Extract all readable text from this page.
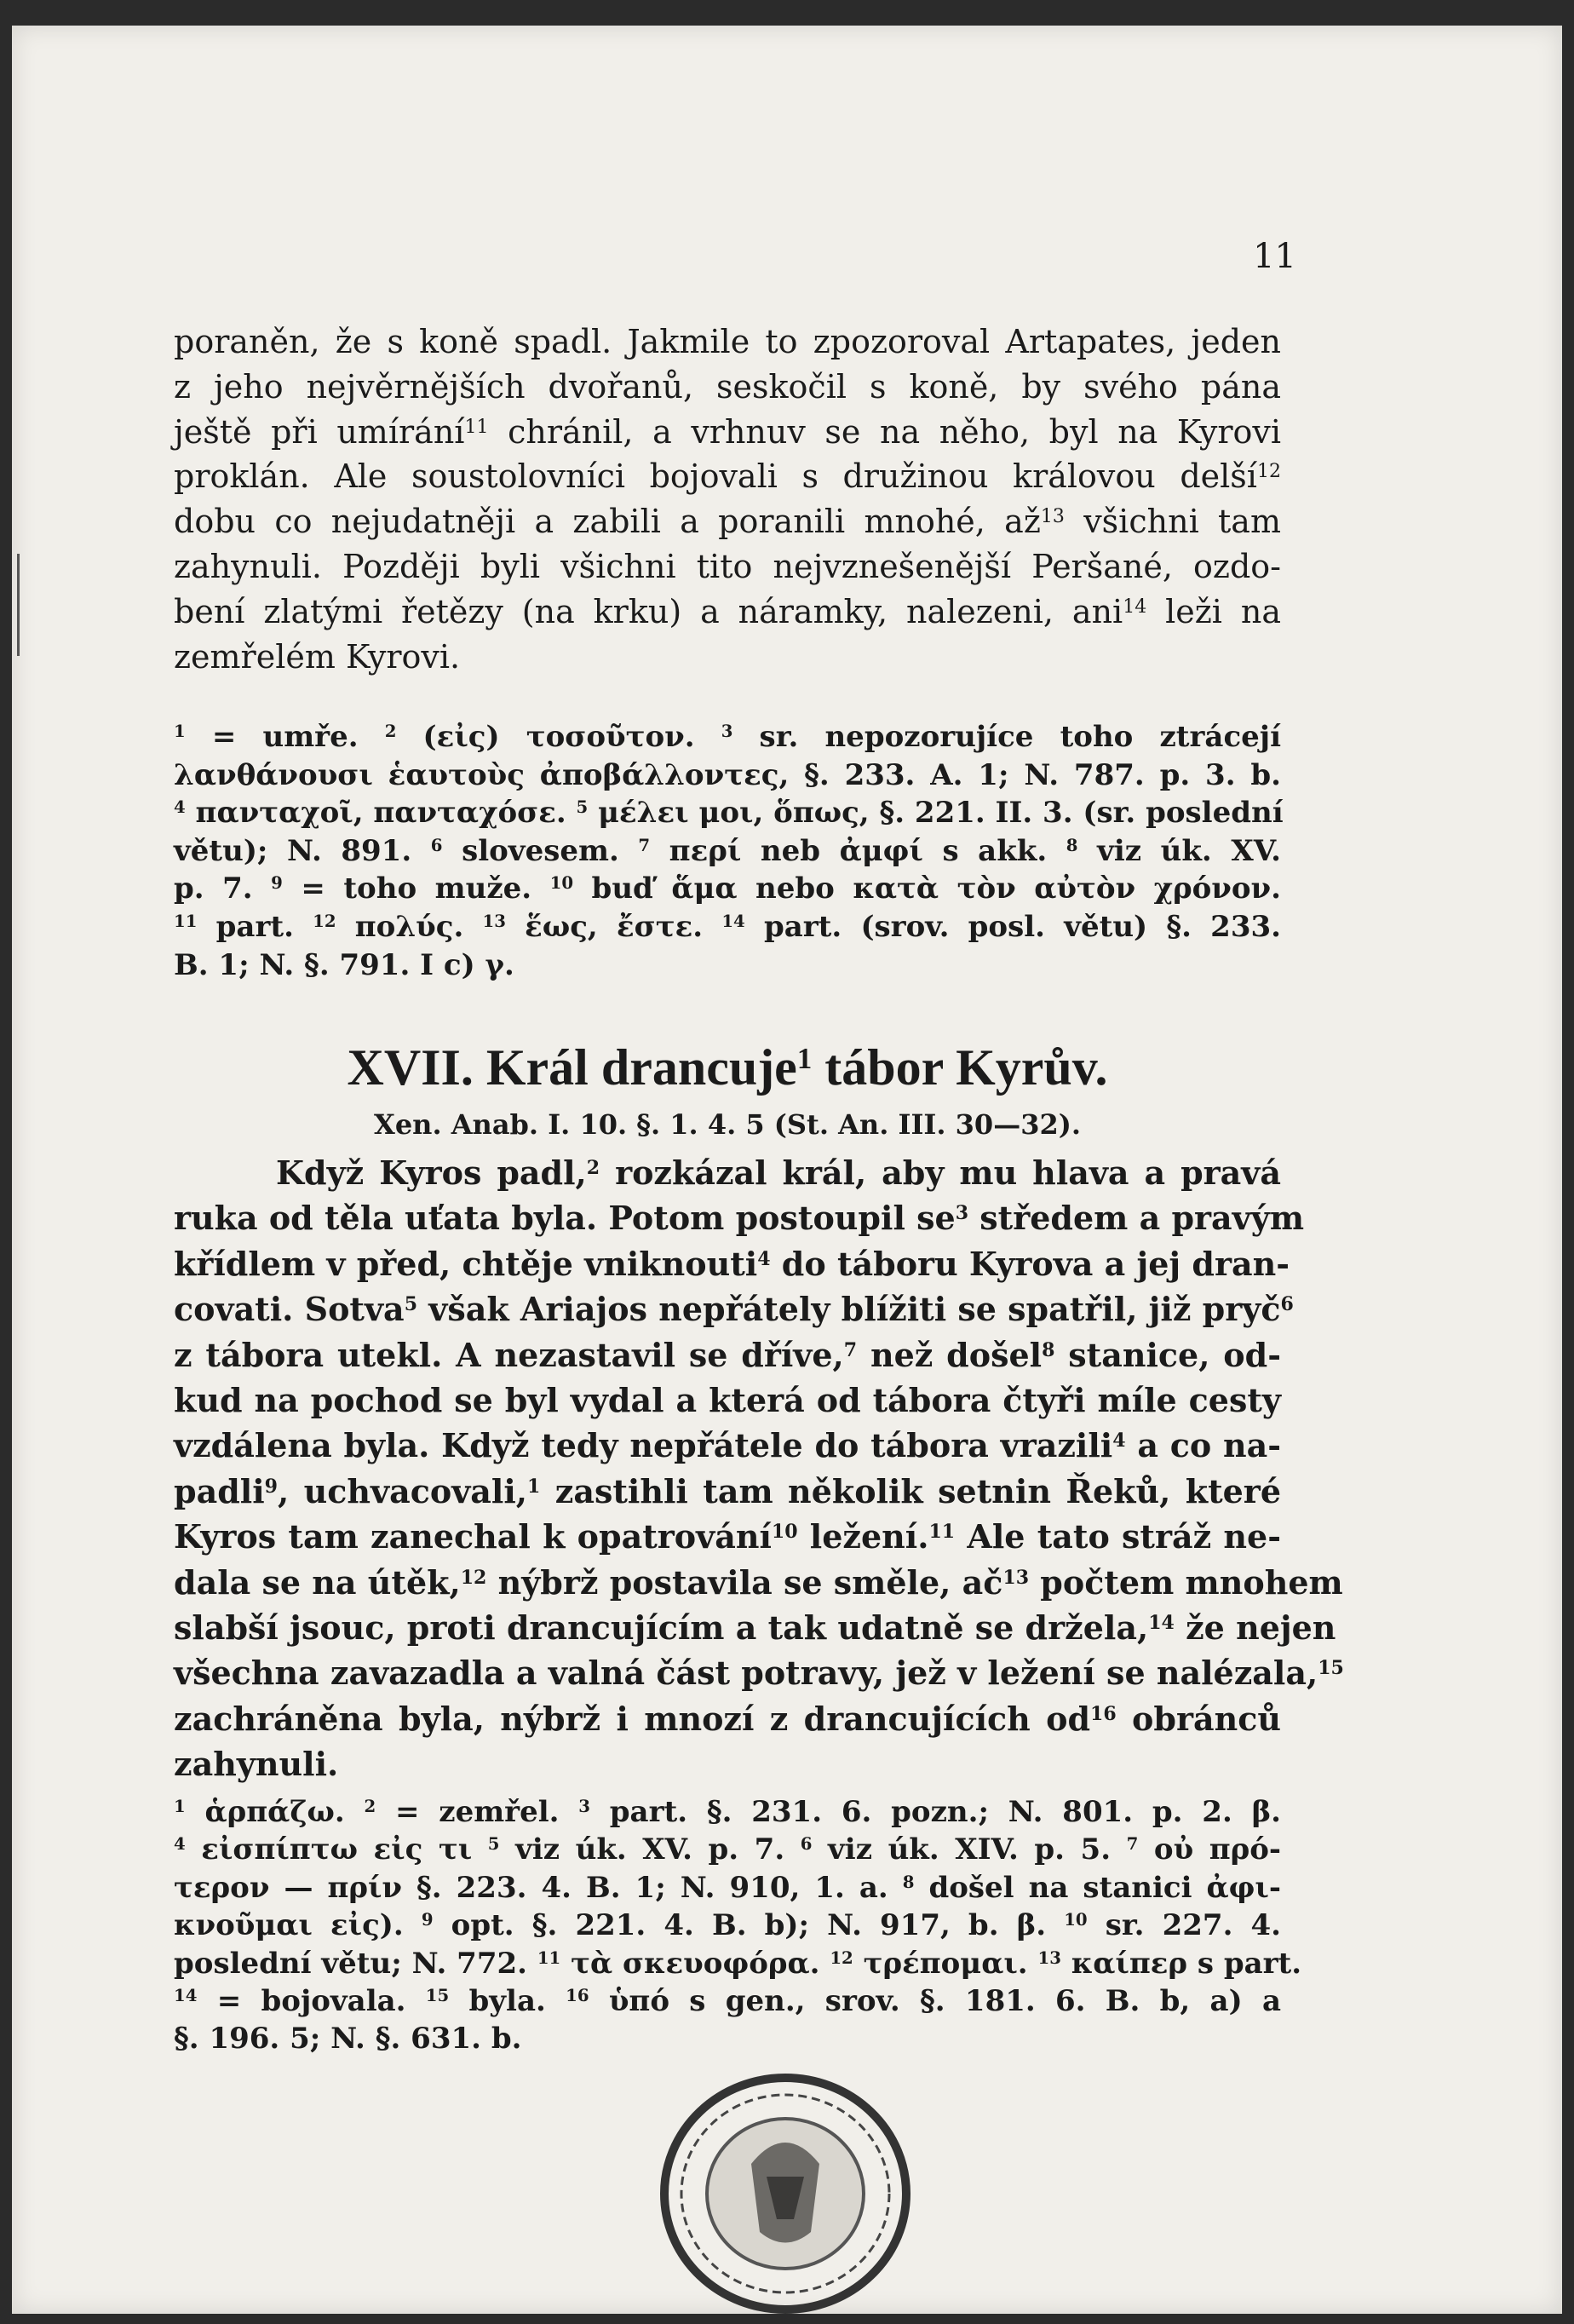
11
poraněn, že s koně spadl. Jakmile to zpozoroval Artapates, jeden
z jeho nejvěrnějších dvořanů, seskočil s koně, by svého pána
ještě při umírání$^{11}$ chránil, a vrhnuv se na něho, byl na Kyrovi
proklán. Ale soustolovníci bojovali s družinou královou delší$^{12}$
dobu co nejudatněji a zabili a poranili mnohé, $až^{13}$ všichni tam
zahynuli. Později byli všichni tito nejvznešenější Peršané, ozdo-
bení zlatými řetězy (na krku) a náramky, nalezeni, ani$^{14}$ leži na
zemřelém Kyrovi.
$^1$ = umře. $^2$ (εἰς) τοσοῦτον. $^3$ sr. nepozorujíce toho ztrácejí
λανθάνουσι ἑαυτοὺς ἀποβάλλοντες, §. 233. A. 1; N. 787. p. 3. b.
$^4$ πανταχοῖ, πανταχόσε. $^5$ μέλει μοι, ὅπως, §. 221. II. 3. (sr. poslední
větu); N. 891. $^6$ slovesem. $^7$ περί neb ἀμφί s akk. $^8$ viz úk. XV.
p. 7. $^9$ = toho muže. $^{10}$ buď ἅμα nebo κατὰ τὸν αὐτὸν χρόνον.
$^{11}$ part. $^{12}$ πολύς. $^{13}$ ἕως, ἔστε. $^{14}$ part. (srov. posl. větu) §. 233.
B. 1; N. §. 791. I c) γ.
XVII. Král drancuje$^1$ tábor Kyrův.
Xen. Anab. I. 10. §. 1. 4. 5 (St. An. III. 30—32).
Když Kyros padl,$^2$ rozkázal král, aby mu hlava a pravá
ruka od těla uťata byla. Potom postoupil $se^3$ středem a pravým
křídlem v před, chtěje vniknouti$^4$ do táboru Kyrova a jej dran-
covati. Sotva$^5$ však Ariajos nepřátely blížiti se spatřil, již pryč$^6$
z tábora utekl. A nezastavil se dříve,$^7$ než došel$^8$ stanice, od-
kud na pochod se byl vydal a která od tábora čtyři míle cesty
vzdálena byla. Když tedy nepřátele do tábora vrazili$^4$ a co na-
padli$^9$, uchvacovali,$^1$ zastihli tam několik setnin Řeků, které
Kyros tam zanechal k opatrování$^{10}$ ležení.$^{11}$ Ale tato stráž ne-
dala se na útěk,$^{12}$ nýbrž postavila se směle, $ač^{13}$ počtem mnohem
slabší jsouc, proti drancujícím a tak udatně se držela,$^{14}$ že nejen
všechna zavazadla a valná část potravy, jež v ležení se nalézala,$^{15}$
zachráněna byla, nýbrž i mnozí z drancujících $od^{16}$ obránců
zahynuli.
$^1$ ἁρπάζω. $^2$ = zemřel. $^3$ part. §. 231. 6. pozn.; N. 801. p. 2. β.
$^4$ εἰσπίπτω εἰς τι $^5$ viz úk. XV. p. 7. $^6$ viz úk. XIV. p. 5. $^7$ οὐ πρό-
τερον — πρίν §. 223. 4. B. 1; N. 910, 1. a. $^8$ došel na stanici ἀφι-
κνοῦμαι εἰς). $^9$ opt. §. 221. 4. B. b); N. 917, b. β. $^{10}$ sr. 227. 4.
poslední větu; N. 772. $^{11}$ τὰ σκευοφόρα. $^{12}$ τρέπομαι. $^{13}$ καίπερ s part.
$^{14}$ = bojovala. $^{15}$ byla. $^{16}$ ὑπό s gen., srov. §. 181. 6. B. b, a) a
§. 196. 5; N. §. 631. b.
